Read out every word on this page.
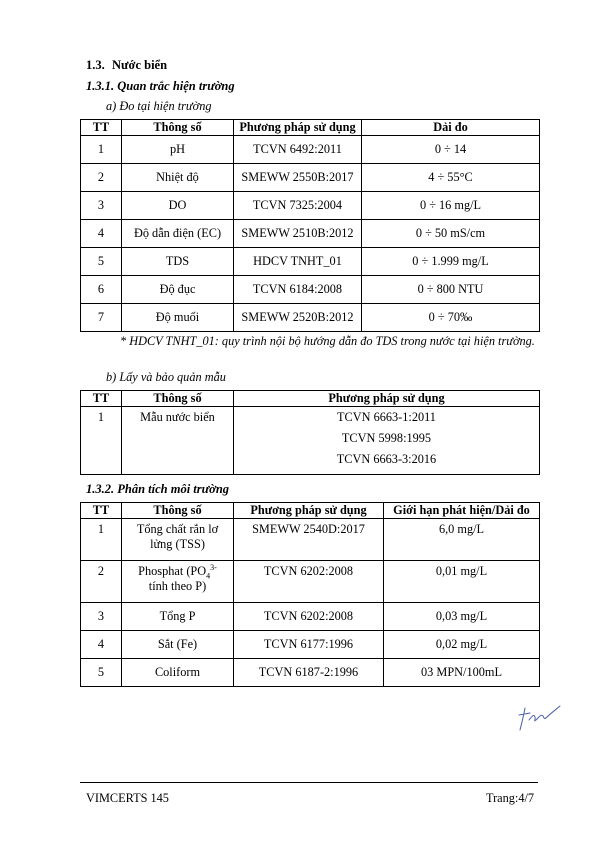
1.3. Nước biển
1.3.1. Quan trắc hiện trường
a) Đo tại hiện trường
TT	Thông số	Phương pháp sử dụng	Dải đo
1	pH	TCVN 6492:2011	0 ÷ 14
2	Nhiệt độ	SMEWW 2550B:2017	4 ÷ 55°C
3	DO	TCVN 7325:2004	0 ÷ 16 mg/L
4	Độ dẫn điện (EC)	SMEWW 2510B:2012	0 ÷ 50 mS/cm
5	TDS	HDCV TNHT_01	0 ÷ 1.999 mg/L
6	Độ đục	TCVN 6184:2008	0 ÷ 800 NTU
7	Độ muối	SMEWW 2520B:2012	0 ÷ 70‰
* HDCV TNHT_01: quy trình nội bộ hướng dẫn đo TDS trong nước tại hiện trường.
b) Lấy và bảo quản mẫu
TT	Thông số	Phương pháp sử dụng
1	Mẫu nước biển	TCVN 6663-1:2011
TCVN 5998:1995
TCVN 6663-3:2016
1.3.2. Phân tích môi trường
TT	Thông số	Phương pháp sử dụng	Giới hạn phát hiện/Dải đo
1	Tổng chất rắn lơ lửng (TSS)	SMEWW 2540D:2017	6,0 mg/L
2	Phosphat ($PO_4^{3-}$
tính theo P)	TCVN 6202:2008	0,01 mg/L
3	Tổng P	TCVN 6202:2008	0,03 mg/L
4	Sắt (Fe)	TCVN 6177:1996	0,02 mg/L
5	Coliform	TCVN 6187-2:1996	03 MPN/100mL
VIMCERTS 145	Trang:4/7
